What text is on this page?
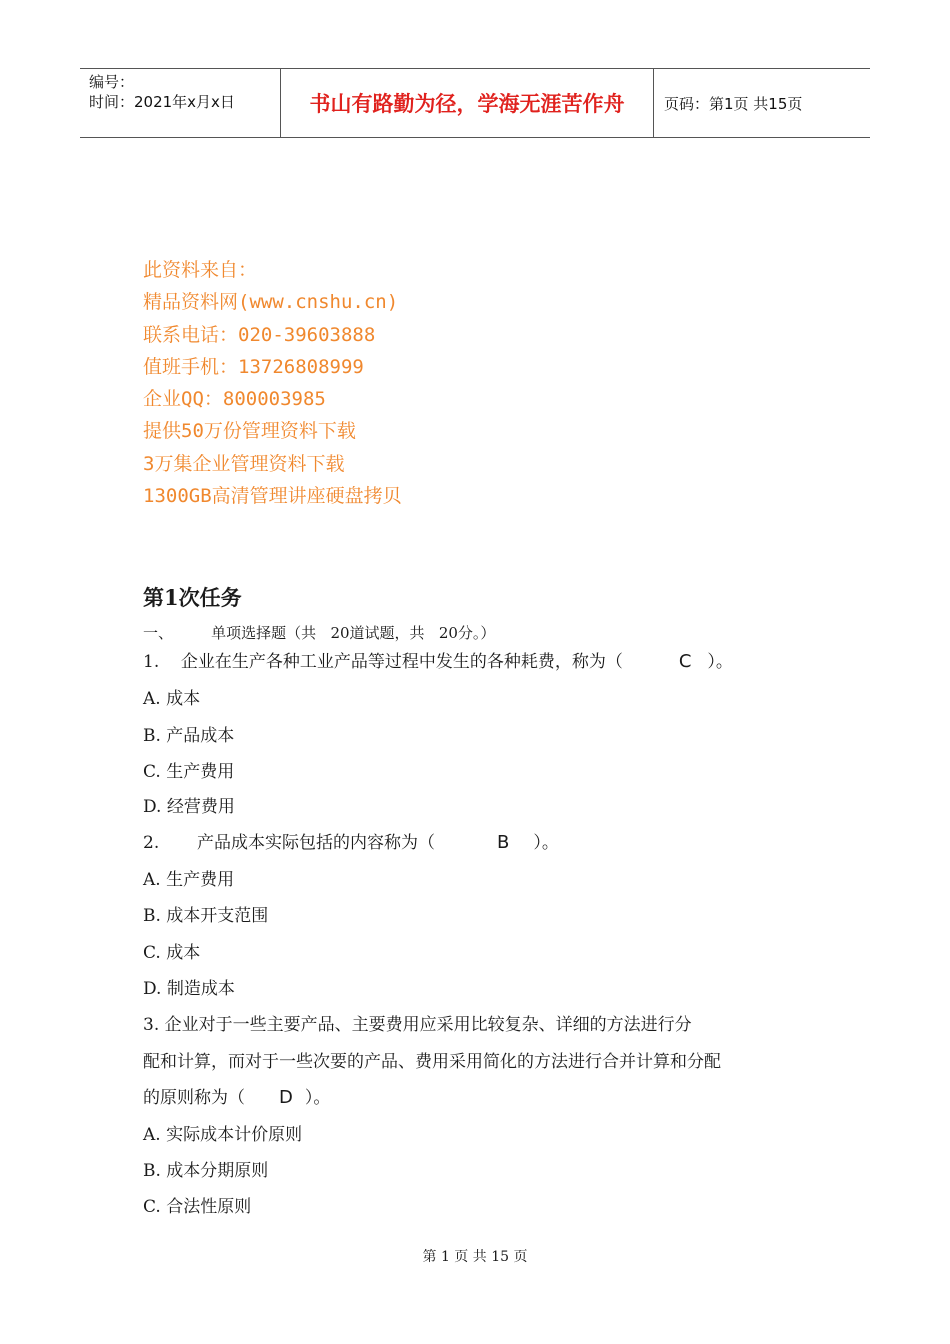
编号：
时间：2021年x月x日	书山有路勤为径，学海无涯苦作舟	页码：第1页 共15页
此资料来自：
精品资料网(www.cnshu.cn)
联系电话：020-39603888
值班手机：13726808999
企业QQ：800003985
提供50万份管理资料下载
3万集企业管理资料下载
1300GB高清管理讲座硬盘拷贝
第1次任务
一、        单项选择题（共   20道试题，共   20分。）
1.    企业在生产各种工业产品等过程中发生的各种耗费，称为（	C ）。
A. 成本
B. 产品成本
C. 生产费用
D. 经营费用
2.       产品成本实际包括的内容称为（	B ）。
A. 生产费用
B. 成本开支范围
C. 成本
D. 制造成本
3. 企业对于一些主要产品、主要费用应采用比较复杂、详细的方法进行分
配和计算，而对于一些次要的产品、费用采用简化的方法进行合并计算和分配
的原则称为（ D ）。
A. 实际成本计价原则
B. 成本分期原则
C. 合法性原则
第 1 页 共 15 页
